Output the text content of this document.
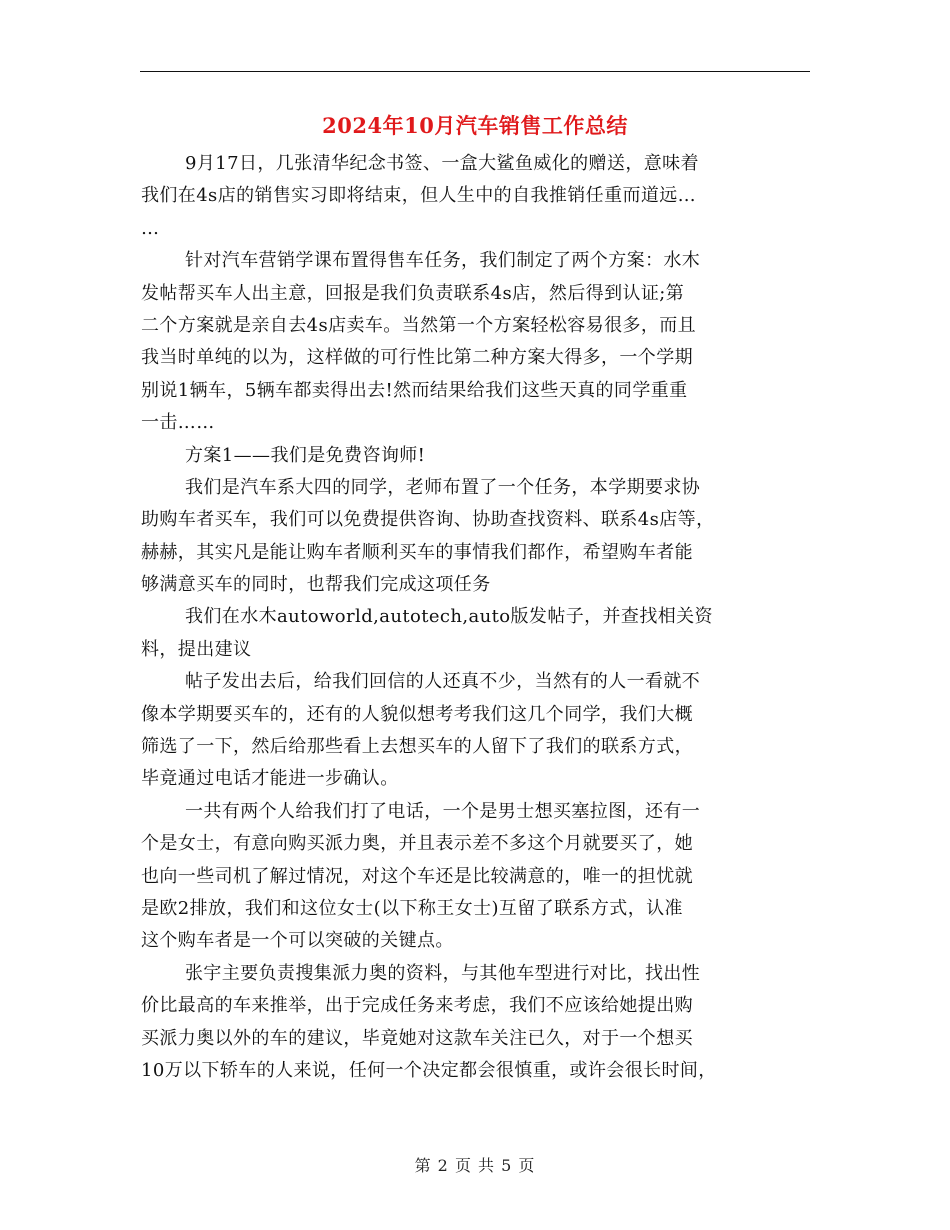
2024年10月汽车销售工作总结
9月17日，几张清华纪念书签、一盒大鲨鱼威化的赠送，意味着
我们在4s店的销售实习即将结束，但人生中的自我推销任重而道远…
…
针对汽车营销学课布置得售车任务，我们制定了两个方案：水木
发帖帮买车人出主意，回报是我们负责联系4s店，然后得到认证;第
二个方案就是亲自去4s店卖车。当然第一个方案轻松容易很多，而且
我当时单纯的以为，这样做的可行性比第二种方案大得多，一个学期
别说1辆车，5辆车都卖得出去!然而结果给我们这些天真的同学重重
一击……
方案1——我们是免费咨询师!
我们是汽车系大四的同学，老师布置了一个任务，本学期要求协
助购车者买车，我们可以免费提供咨询、协助查找资料、联系4s店等，
赫赫，其实凡是能让购车者顺利买车的事情我们都作，希望购车者能
够满意买车的同时，也帮我们完成这项任务
我们在水木autoworld,autotech,auto版发帖子，并查找相关资
料，提出建议
帖子发出去后，给我们回信的人还真不少，当然有的人一看就不
像本学期要买车的，还有的人貌似想考考我们这几个同学，我们大概
筛选了一下，然后给那些看上去想买车的人留下了我们的联系方式，
毕竟通过电话才能进一步确认。
一共有两个人给我们打了电话，一个是男士想买塞拉图，还有一
个是女士，有意向购买派力奥，并且表示差不多这个月就要买了，她
也向一些司机了解过情况，对这个车还是比较满意的，唯一的担忧就
是欧2排放，我们和这位女士(以下称王女士)互留了联系方式，认准
这个购车者是一个可以突破的关键点。
张宇主要负责搜集派力奥的资料，与其他车型进行对比，找出性
价比最高的车来推举，出于完成任务来考虑，我们不应该给她提出购
买派力奥以外的车的建议，毕竟她对这款车关注已久，对于一个想买
10万以下轿车的人来说，任何一个决定都会很慎重，或许会很长时间，
第 2 页 共 5 页
